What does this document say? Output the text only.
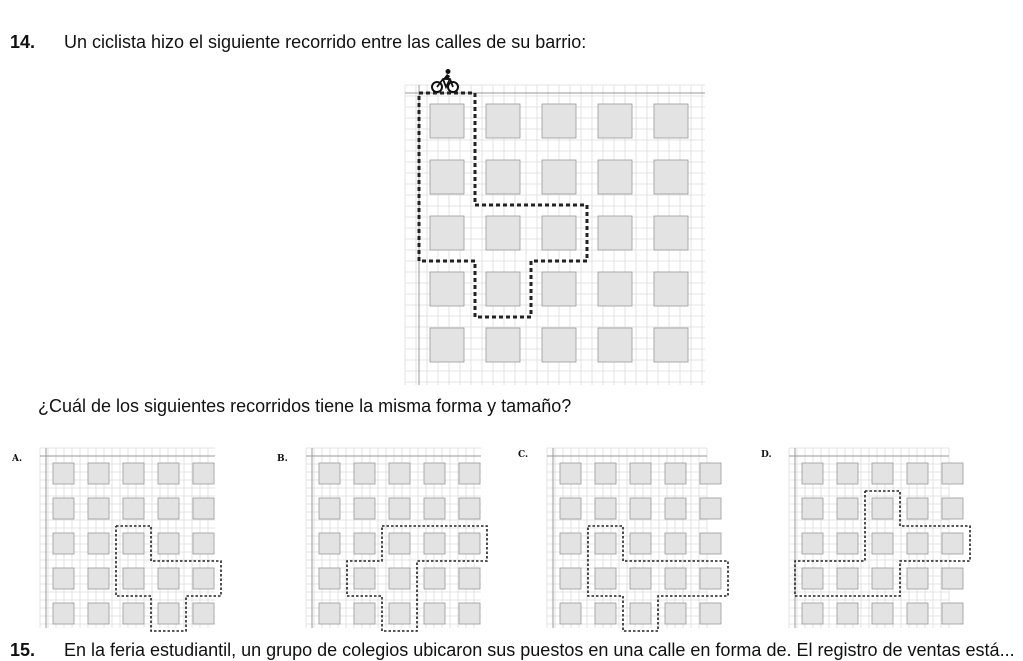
14. Un ciclista hizo el siguiente recorrido entre las calles de su barrio:
¿Cuál de los siguientes recorridos tiene la misma forma y tamaño?
A.	B.	C.	D.
15. En la feria estudiantil, un grupo de colegios ubicaron sus puestos en una calle en forma de. El registro de ventas está...
